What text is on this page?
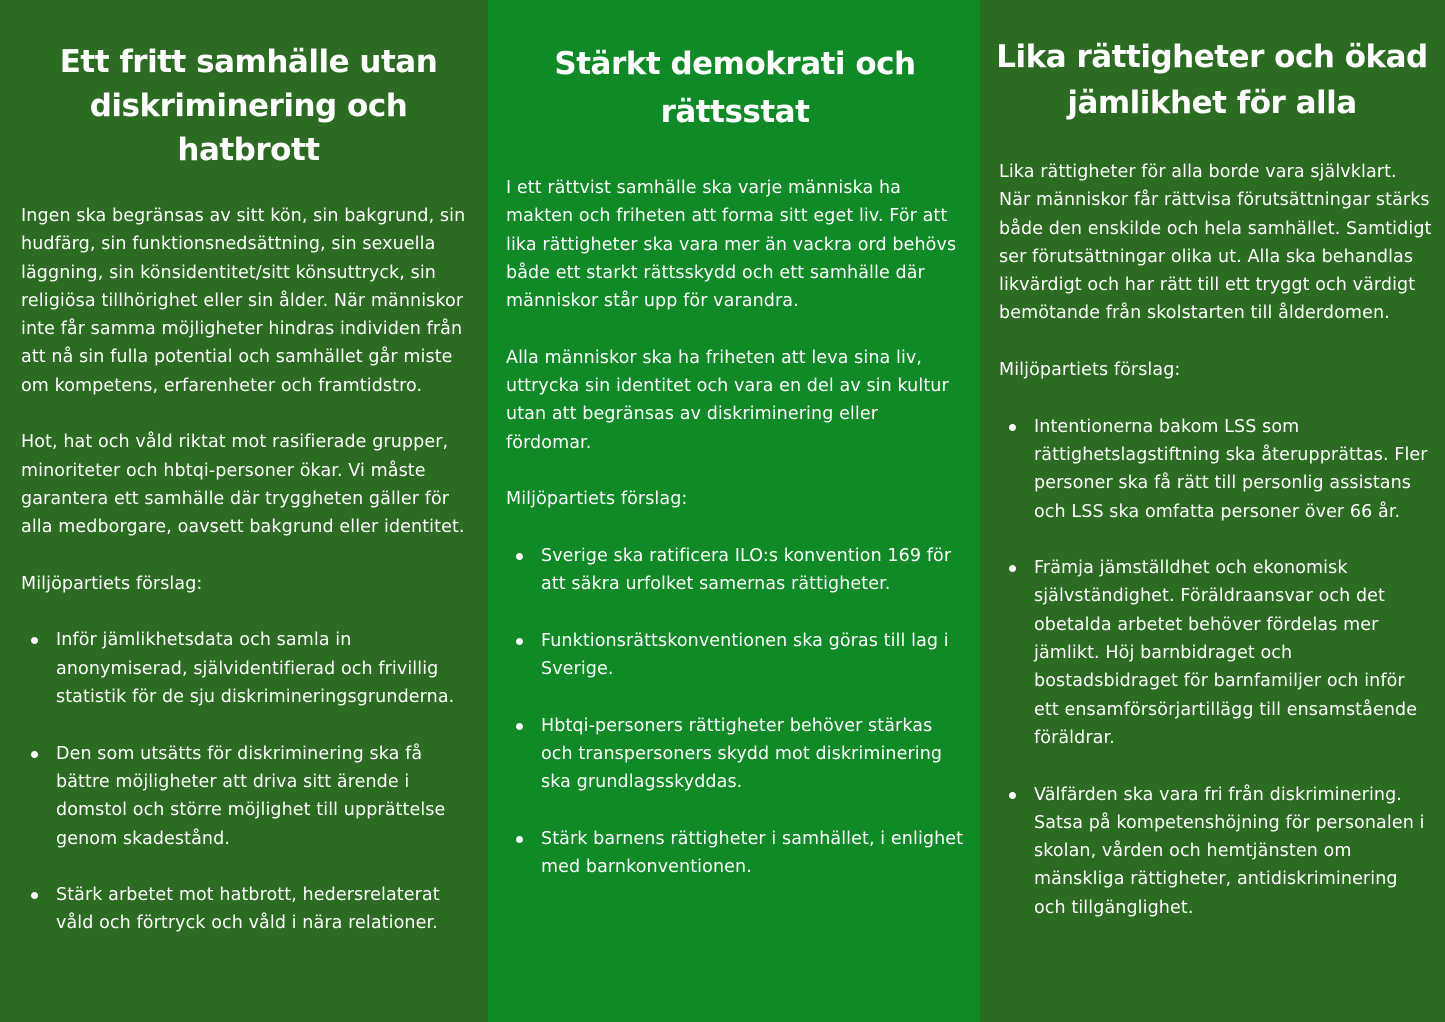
Ett fritt samhälle utan diskriminering och hatbrott

Ingen ska begränsas av sitt kön, sin bakgrund, sin hudfärg, sin funktionsnedsättning, sin sexuella läggning, sin könsidentitet/sitt könsuttryck, sin religiösa tillhörighet eller sin ålder. När människor inte får samma möjligheter hindras individen från att nå sin fulla potential och samhället går miste om kompetens, erfarenheter och framtidstro.

Hot, hat och våld riktat mot rasifierade grupper, minoriteter och hbtqi-personer ökar. Vi måste garantera ett samhälle där tryggheten gäller för alla medborgare, oavsett bakgrund eller identitet.

Miljöpartiets förslag:

Inför jämlikhetsdata och samla in anonymiserad, självidentifierad och frivillig statistik för de sju diskrimineringsgrunderna.
Den som utsätts för diskriminering ska få bättre möjligheter att driva sitt ärende i domstol och större möjlighet till upprättelse genom skadestånd.
Stärk arbetet mot hatbrott, hedersrelaterat våld och förtryck och våld i nära relationer.
Stärkt demokrati och rättsstat

I ett rättvist samhälle ska varje människa ha makten och friheten att forma sitt eget liv. För att lika rättigheter ska vara mer än vackra ord behövs både ett starkt rättsskydd och ett samhälle där människor står upp för varandra.

Alla människor ska ha friheten att leva sina liv, uttrycka sin identitet och vara en del av sin kultur utan att begränsas av diskriminering eller fördomar.

Miljöpartiets förslag:

Sverige ska ratificera ILO:s konvention 169 för att säkra urfolket samernas rättigheter.
Funktionsrättskonventionen ska göras till lag i Sverige.
Hbtqi-personers rättigheter behöver stärkas och transpersoners skydd mot diskriminering ska grundlagsskyddas.
Stärk barnens rättigheter i samhället, i enlighet med barnkonventionen.
Lika rättigheter och ökad jämlikhet för alla

Lika rättigheter för alla borde vara självklart. När människor får rättvisa förutsättningar stärks både den enskilde och hela samhället. Samtidigt ser förutsättningar olika ut. Alla ska behandlas likvärdigt och har rätt till ett tryggt och värdigt bemötande från skolstarten till ålderdomen.

Miljöpartiets förslag:

Intentionerna bakom LSS som rättighetslagstiftning ska återupprättas. Fler personer ska få rätt till personlig assistans och LSS ska omfatta personer över 66 år.
Främja jämställdhet och ekonomisk självständighet. Föräldraansvar och det obetalda arbetet behöver fördelas mer jämlikt. Höj barnbidraget och bostadsbidraget för barnfamiljer och inför ett ensamförsörjartillägg till ensamstående föräldrar.
Välfärden ska vara fri från diskriminering. Satsa på kompetenshöjning för personalen i skolan, vården och hemtjänsten om mänskliga rättigheter, antidiskriminering och tillgänglighet.
